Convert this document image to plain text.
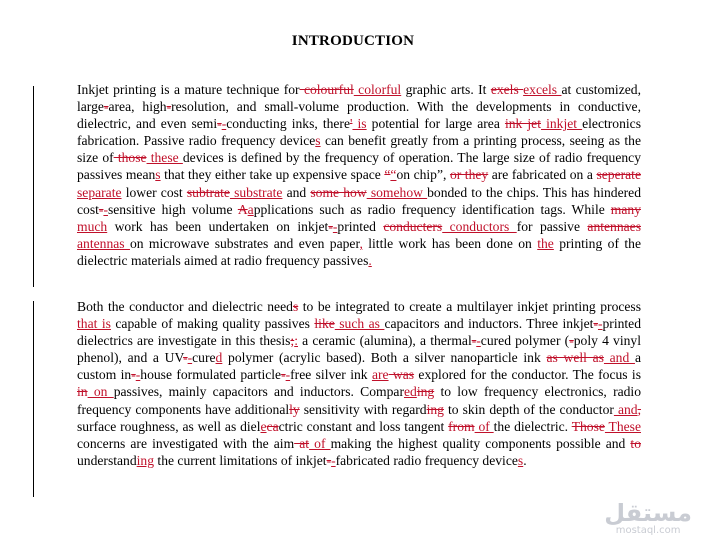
INTRODUCTION
Inkjet printing is a mature technique for colourful colorful graphic arts. It exels excels at customized, large-area, high-resolution, and small-volume production. With the developments in conductive, dielectric, and even semi--conducting inks, there' is potential for large area ink jet inkjet electronics fabrication. Passive radio frequency devices can benefit greatly from a printing process, seeing as the size of those these devices is defined by the frequency of operation. The large size of radio frequency passives means that they either take up expensive space ““on chip”, or they are fabricated on a seperate separate lower cost subtrate substrate and some how somehow bonded to the chips. This has hindered cost--sensitive high volume Aapplications such as radio frequency identification tags. While many much work has been undertaken on inkjet--printed conducters conductors for passive antennaes antennas on microwave substrates and even paper, little work has been done on the printing of the dielectric materials aimed at radio frequency passives.
Both the conductor and dielectric needs to be integrated to create a multilayer inkjet printing process that is capable of making quality passives like such as capacitors and inductors. Three inkjet--printed dielectrics are investigate in this thesis;: a ceramic (alumina), a thermal--cured polymer (-poly 4 vinyl phenol), and a UV--cured polymer (acrylic based). Both a silver nanoparticle ink as well as and a custom in--house formulated particle--free silver ink are was explored for the conductor. The focus is in on passives, mainly capacitors and inductors. Compareding to low frequency electronics, radio frequency components have additionally sensitivity with regarding to skin depth of the conductor and, surface roughness, as well as dielecactric constant and loss tangent from of the dielectric. Those These concerns are investigated with the aim at of making the highest quality components possible and to understanding the current limitations of inkjet--fabricated radio frequency devices.
مستقل
mostaql.com
